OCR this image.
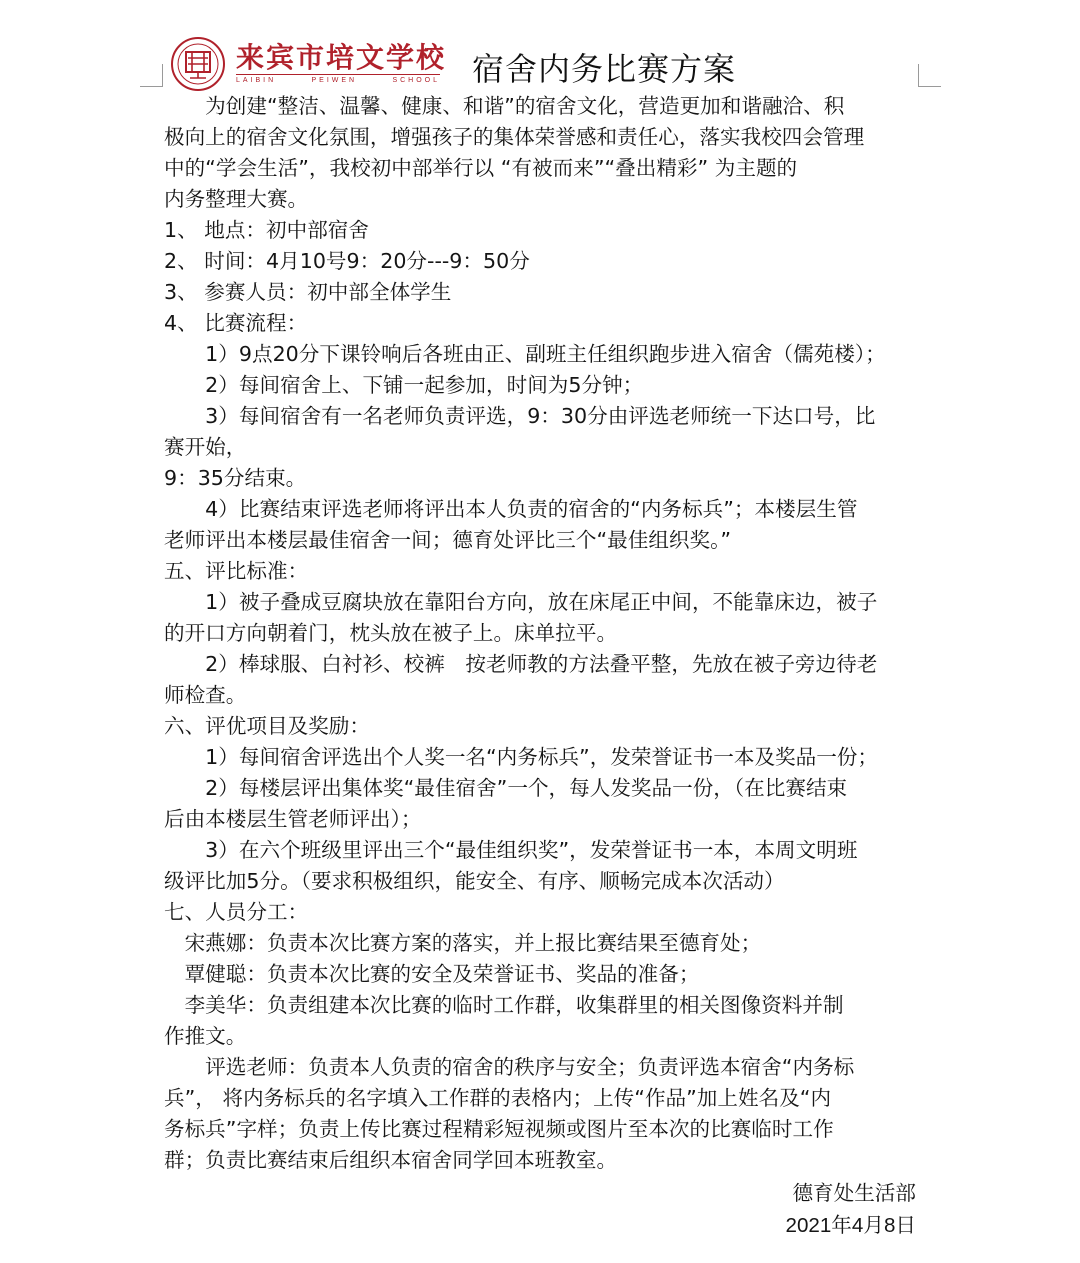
来宾市培文学校
LAIBIN	PEIWEN	SCHOOL 宿舍内务比赛方案

　　为创建“整洁、温馨、健康、和谐”的宿舍文化，营造更加和谐融洽、积

极向上的宿舍文化氛围，增强孩子的集体荣誉感和责任心，落实我校四会管理

中的“学会生活”，我校初中部举行以 “有被而来”“叠出精彩” 为主题的

内务整理大赛。

1、 地点：初中部宿舍

2、 时间：4月10号9：20分---9：50分

3、 参赛人员：初中部全体学生

4、 比赛流程：

　　1）9点20分下课铃响后各班由正、副班主任组织跑步进入宿舍（儒苑楼）；

　　2）每间宿舍上、下铺一起参加，时间为5分钟；

　　3）每间宿舍有一名老师负责评选，9：30分由评选老师统一下达口号，比

赛开始，

9：35分结束。

　　4）比赛结束评选老师将评出本人负责的宿舍的“内务标兵”；本楼层生管

老师评出本楼层最佳宿舍一间；德育处评比三个“最佳组织奖。”

五、评比标准：

　　1）被子叠成豆腐块放在靠阳台方向，放在床尾正中间，不能靠床边，被子

的开口方向朝着门，枕头放在被子上。床单拉平。

　　2）棒球服、白衬衫、校裤　按老师教的方法叠平整，先放在被子旁边待老

师检查。

六、评优项目及奖励：

　　1）每间宿舍评选出个人奖一名“内务标兵”，发荣誉证书一本及奖品一份；

　　2）每楼层评出集体奖“最佳宿舍”一个，每人发奖品一份，（在比赛结束

后由本楼层生管老师评出）；

　　3）在六个班级里评出三个“最佳组织奖”，发荣誉证书一本，本周文明班

级评比加5分。（要求积极组织，能安全、有序、顺畅完成本次活动）

七、人员分工：

　宋燕娜：负责本次比赛方案的落实，并上报比赛结果至德育处；

　覃健聪：负责本次比赛的安全及荣誉证书、奖品的准备；

　李美华：负责组建本次比赛的临时工作群，收集群里的相关图像资料并制

作推文。

　　评选老师：负责本人负责的宿舍的秩序与安全；负责评选本宿舍“内务标

兵”， 将内务标兵的名字填入工作群的表格内；上传“作品”加上姓名及“内

务标兵”字样；负责上传比赛过程精彩短视频或图片至本次的比赛临时工作

群；负责比赛结束后组织本宿舍同学回本班教室。

德育处生活部
2021年4月8日
